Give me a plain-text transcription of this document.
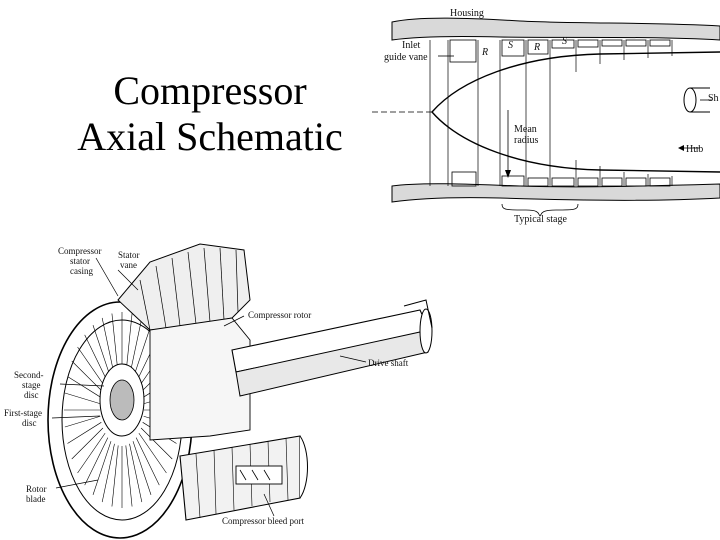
Compressor
Axial Schematic
Housing
Inlet
guide vane	R
S R
S
Mean
radius
Sh
Hub
Typical stage
Compressor
stator
casing
Stator
vane
Compressor rotor
Second-
stage
disc
Drive shaft
First-stage
disc
Rotor
blade
Compressor bleed port
